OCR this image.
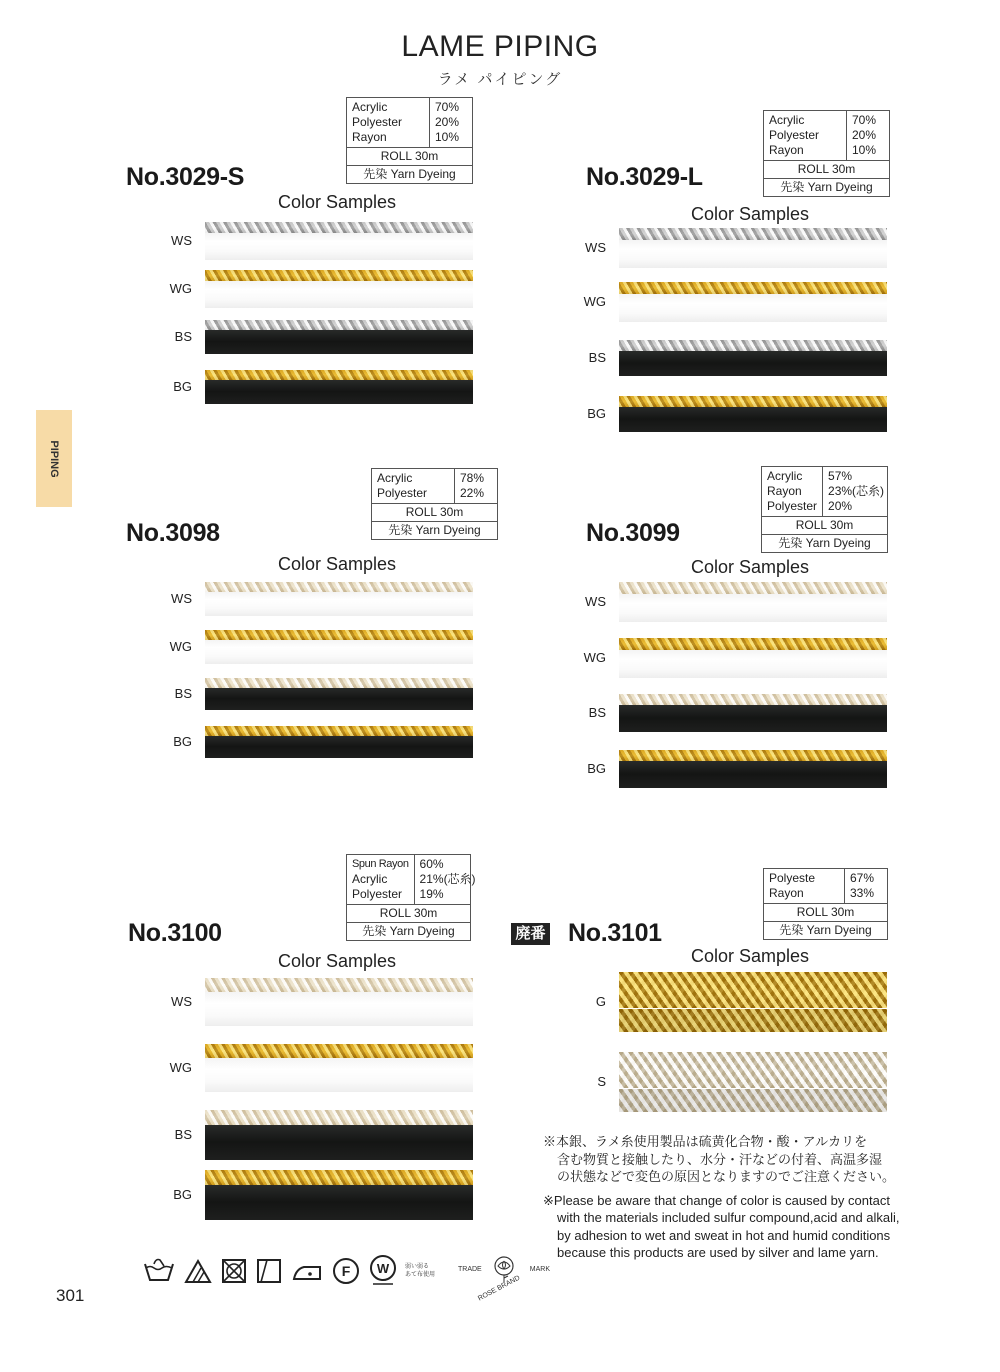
LAME PIPING
ラメ パイピング
PIPING
No.3029-S
Acrylic
Polyester
Rayon
70%
20%
10%
ROLL 30m
先染 Yarn Dyeing
Color Samples
WS
WG
BS
BG
No.3029-L
Acrylic
Polyester
Rayon
70%
20%
10%
ROLL 30m
先染 Yarn Dyeing
Color Samples
WS
WG
BS
BG
No.3098
Acrylic
Polyester
78%
22%
ROLL 30m
先染 Yarn Dyeing
Color Samples
WS
WG
BS
BG
No.3099
Acrylic
Rayon
Polyester
57%
23%(芯糸)
20%
ROLL 30m
先染 Yarn Dyeing
Color Samples
WS
WG
BS
BG
No.3100
Spun Rayon
Acrylic
Polyester
60%
21%(芯糸)
19%
ROLL 30m
先染 Yarn Dyeing
Color Samples
WS
WG
BS
BG
No.3101
Polyeste
Rayon
67%
33%
ROLL 30m
先染 Yarn Dyeing
Color Samples
G
S
廃番

※本銀、ラメ糸使用製品は硫黄化合物・酸・アルカリを

含む物質と接触したり、水分・汗などの付着、高温多湿

の状態などで変色の原因となりますのでご注意ください。

※Please be aware that change of color is caused by contact

with the materials included sulfur compound,acid and alkali,

by adhesion to wet and sweat in hot and humid conditions

because this products are used by silver and lame yarn.

F W	弱い弱る あて布使用
TRADE	MARK
ROSE BRAND
301
